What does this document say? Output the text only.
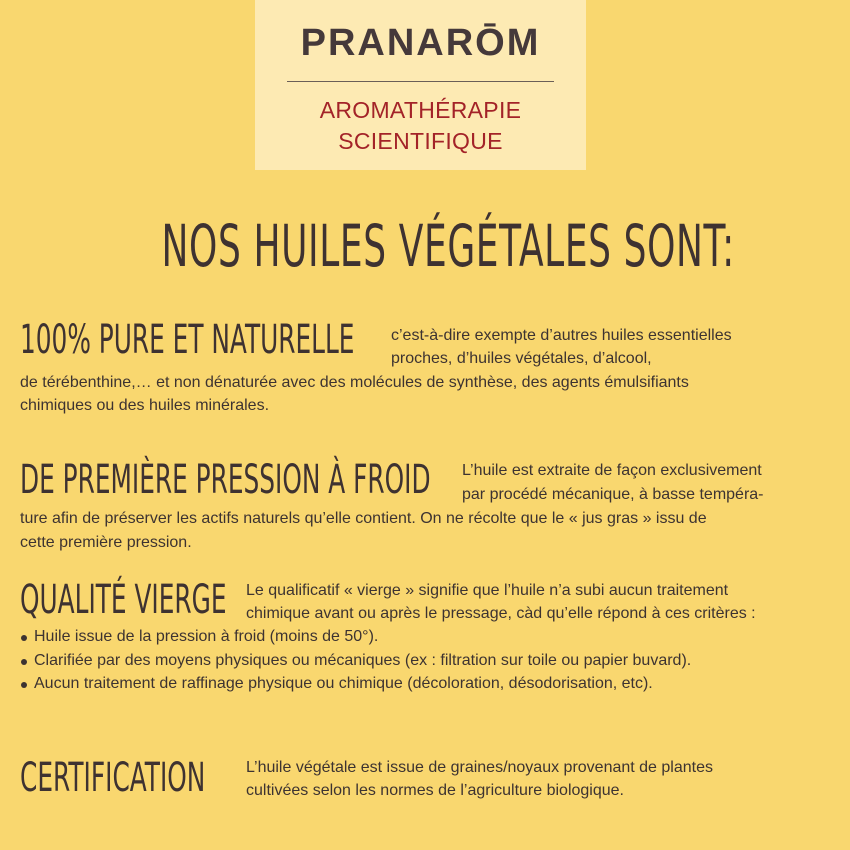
PRANARŌM
AROMATHÉRAPIE
SCIENTIFIQUE
NOS HUILES VÉGÉTALES SONT:
100% PURE ET NATURELLE c’est-à-dire exempte d’autres huiles essentielles
proches, d’huiles végétales, d’alcool,
de térébenthine,… et non dénaturée avec des molécules de synthèse, des agents émulsifiants
chimiques ou des huiles minérales.
DE PREMIÈRE PRESSION À FROID L’huile est extraite de façon exclusivement
par procédé mécanique, à basse tempéra-
ture afin de préserver les actifs naturels qu’elle contient. On ne récolte que le « jus gras » issu de
cette première pression.
QUALITÉ VIERGE Le qualificatif « vierge » signifie que l’huile n’a subi aucun traitement
chimique avant ou après le pressage, càd qu’elle répond à ces critères :
Huile issue de la pression à froid (moins de 50°).
Clarifiée par des moyens physiques ou mécaniques (ex : filtration sur toile ou papier buvard).
Aucun traitement de raffinage physique ou chimique (décoloration, désodorisation, etc).
CERTIFICATION	L’huile végétale est issue de graines/noyaux provenant de plantes
cultivées selon les normes de l’agriculture biologique.
